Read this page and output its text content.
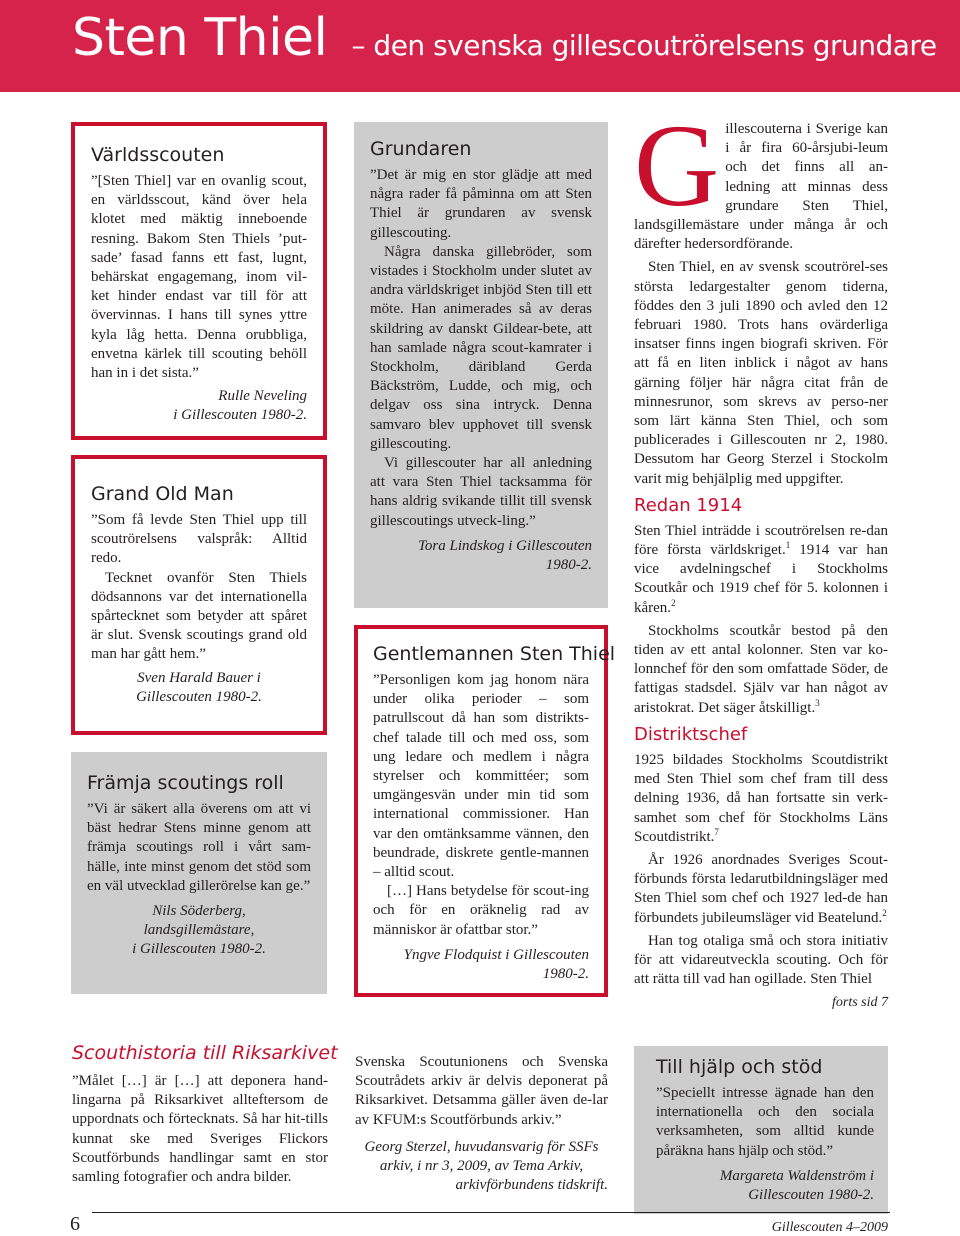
Sten Thiel – den svenska gillescoutrörelsens grundare
Världsscouten

”[Sten Thiel] var en ovanlig scout, en världsscout, känd över hela klotet med mäktig inneboende resning. Bakom Sten Thiels ’put-sade’ fasad fanns ett fast, lugnt, behärskat engagemang, inom vil-ket hinder endast var till för att övervinnas. I hans till synes yttre kyla låg hetta. Denna orubbliga, envetna kärlek till scouting behöll han in i det sista.”

Rulle Neveling

i Gillescouten 1980-2.

Grand Old Man

”Som få levde Sten Thiel upp till scoutrörelsens valspråk: Alltid redo.

Tecknet ovanför Sten Thiels dödsannons var det internationella spårtecknet som betyder att spåret är slut. Svensk scoutings grand old man har gått hem.”

Sven Harald Bauer i

Gillescouten 1980-2.

Främja scoutings roll

”Vi är säkert alla överens om att vi bäst hedrar Stens minne genom att främja scoutings roll i vårt sam-hälle, inte minst genom det stöd som en väl utvecklad gillerörelse kan ge.”

Nils Söderberg,

landsgillemästare,

i Gillescouten 1980-2.

Scouthistoria till Riksarkivet

”Målet […] är […] att deponera hand-lingarna på Riksarkivet allteftersom de uppordnats och förtecknats. Så har hit-tills kunnat ske med Sveriges Flickors Scoutförbunds handlingar samt en stor samling fotografier och andra bilder.

Svenska Scoutunionens och Svenska Scoutrådets arkiv är delvis deponerat på Riksarkivet. Detsamma gäller även de-lar av KFUM:s Scoutförbunds arkiv.”

Georg Sterzel, huvudansvarig för SSFs

arkiv, i nr 3, 2009, av Tema Arkiv,

arkivförbundens tidskrift.

Grundaren

”Det är mig en stor glädje att med några rader få påminna om att Sten Thiel är grundaren av svensk gillescouting.

Några danska gillebröder, som vistades i Stockholm under slutet av andra världskriget inbjöd Sten till ett möte. Han animerades så av deras skildring av danskt Gildear-bete, att han samlade några scout-kamrater i Stockholm, däribland Gerda Bäckström, Ludde, och mig, och delgav oss sina intryck. Denna samvaro blev upphovet till svensk gillescouting.

Vi gillescouter har all anledning att vara Sten Thiel tacksamma för hans aldrig svikande tillit till svensk gillescoutings utveck-ling.”

Tora Lindskog i Gillescouten

1980-2.

Gentlemannen Sten Thiel

”Personligen kom jag honom nära under olika perioder – som patrullscout då han som distrikts-chef talade till och med oss, som ung ledare och medlem i några styrelser och kommittéer; som umgängesvän under min tid som international commissioner. Han var den omtänksamme vännen, den beundrade, diskrete gentle-mannen – alltid scout.

[…] Hans betydelse för scout-ing och för en oräknelig rad av människor är ofattbar stor.”

Yngve Flodquist i Gillescouten

1980-2.

G illescouterna i Sverige kan i år fira 60-årsjubi-leum och det finns all an-ledning att minnas dess grundare Sten Thiel, landsgillemästare under många år och därefter hedersordförande.

Sten Thiel, en av svensk scoutrörel-ses största ledargestalter genom tiderna, föddes den 3 juli 1890 och avled den 12 februari 1980. Trots hans ovärderliga insatser finns ingen biografi skriven. För att få en liten inblick i något av hans gärning följer här några citat från de minnesrunor, som skrevs av perso-ner som lärt känna Sten Thiel, och som publicerades i Gillescouten nr 2, 1980. Dessutom har Georg Sterzel i Stockolm varit mig behjälplig med uppgifter.

Redan 1914

Sten Thiel inträdde i scoutrörelsen re-dan före första världskriget.$^1$ 1914 var han vice avdelningschef i Stockholms Scoutkår och 1919 chef för 5. kolonnen i kåren.$^2$

Stockholms scoutkår bestod på den tiden av ett antal kolonner. Sten var ko-lonnchef för den som omfattade Söder, de fattigas stadsdel. Själv var han något av aristokrat. Det säger åtskilligt.$^3$

Distriktschef

1925 bildades Stockholms Scoutdistrikt med Sten Thiel som chef fram till dess delning 1936, då han fortsatte sin verk-samhet som chef för Stockholms Läns Scoutdistrikt.$^7$

År 1926 anordnades Sveriges Scout-förbunds första ledarutbildningsläger med Sten Thiel som chef och 1927 led-de han förbundets jubileumsläger vid Beatelund.$^2$

Han tog otaliga små och stora initiativ för att vidareutveckla scouting. Och för att rätta till vad han ogillade. Sten Thiel

forts sid 7

Till hjälp och stöd

”Speciellt intresse ägnade han den internationella och den sociala verksamheten, som alltid kunde påräkna hans hjälp och stöd.”

Margareta Waldenström i

Gillescouten 1980-2.

6	Gillescouten 4–2009
